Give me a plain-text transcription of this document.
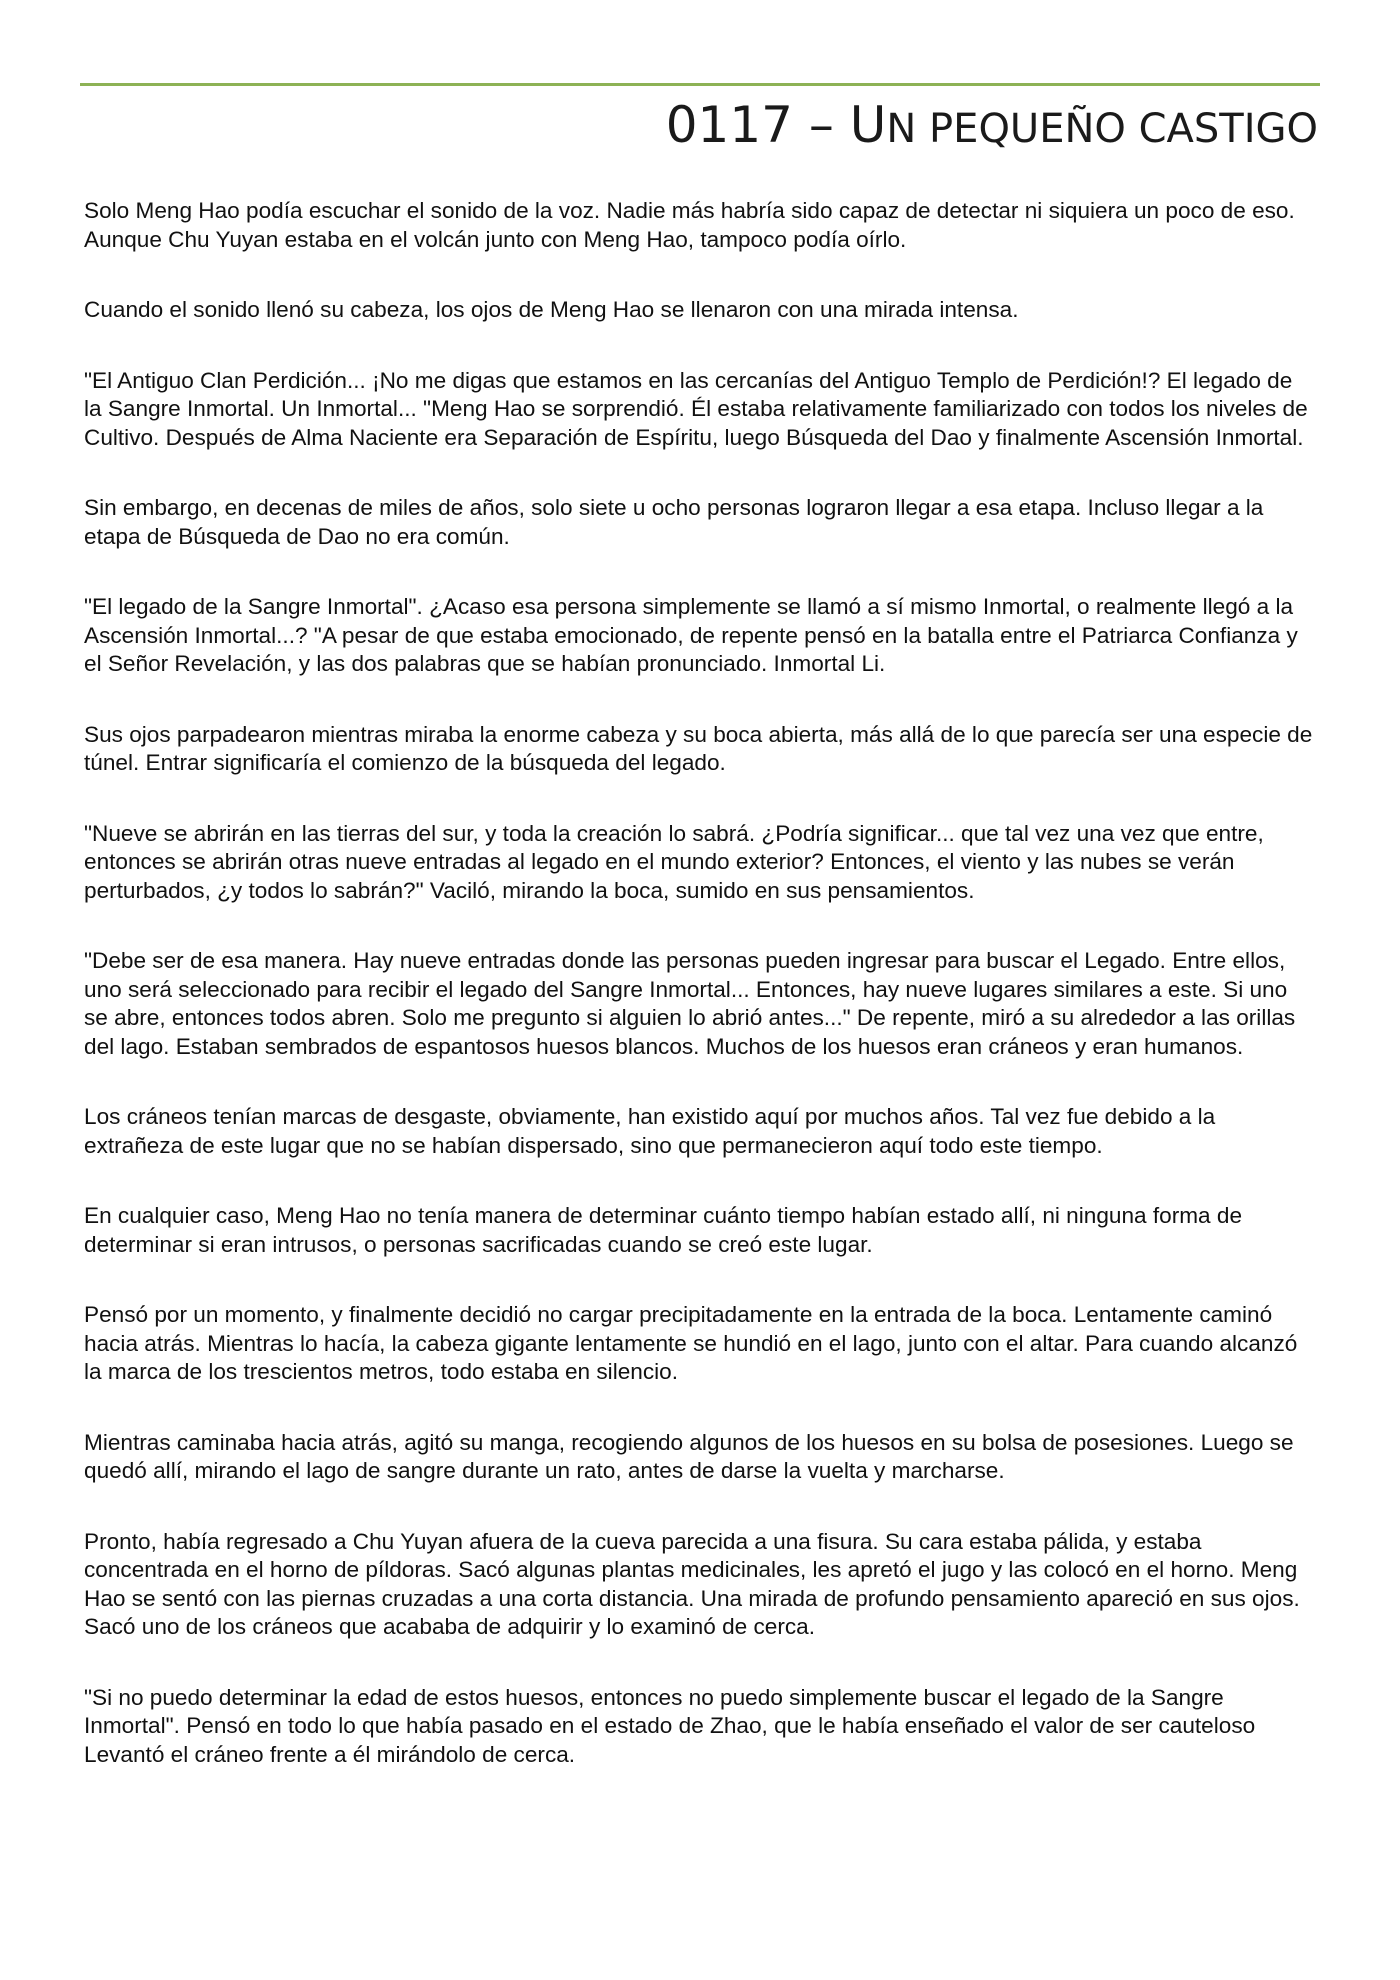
0117 – UN PEQUEÑO CASTIGO

Solo Meng Hao podía escuchar el sonido de la voz. Nadie más habría sido capaz de detectar ni siquiera un poco de eso. Aunque Chu Yuyan estaba en el volcán junto con Meng Hao, tampoco podía oírlo.

Cuando el sonido llenó su cabeza, los ojos de Meng Hao se llenaron con una mirada intensa.

"El Antiguo Clan Perdición... ¡No me digas que estamos en las cercanías del Antiguo Templo de Perdición!? El legado de la Sangre Inmortal. Un Inmortal... "Meng Hao se sorprendió. Él estaba relativamente familiarizado con todos los niveles de Cultivo. Después de Alma Naciente era Separación de Espíritu, luego Búsqueda del Dao y finalmente Ascensión Inmortal.

Sin embargo, en decenas de miles de años, solo siete u ocho personas lograron llegar a esa etapa. Incluso llegar a la etapa de Búsqueda de Dao no era común.

"El legado de la Sangre Inmortal". ¿Acaso esa persona simplemente se llamó a sí mismo Inmortal, o realmente llegó a la Ascensión Inmortal...? "A pesar de que estaba emocionado, de repente pensó en la batalla entre el Patriarca Confianza y el Señor Revelación, y las dos palabras que se habían pronunciado. Inmortal Li.

Sus ojos parpadearon mientras miraba la enorme cabeza y su boca abierta, más allá de lo que parecía ser una especie de túnel. Entrar significaría el comienzo de la búsqueda del legado.

"Nueve se abrirán en las tierras del sur, y toda la creación lo sabrá. ¿Podría significar... que tal vez una vez que entre, entonces se abrirán otras nueve entradas al legado en el mundo exterior? Entonces, el viento y las nubes se verán perturbados, ¿y todos lo sabrán?" Vaciló, mirando la boca, sumido en sus pensamientos.

"Debe ser de esa manera. Hay nueve entradas donde las personas pueden ingresar para buscar el Legado. Entre ellos, uno será seleccionado para recibir el legado del Sangre Inmortal... Entonces, hay nueve lugares similares a este. Si uno se abre, entonces todos abren. Solo me pregunto si alguien lo abrió antes..." De repente, miró a su alrededor a las orillas del lago. Estaban sembrados de espantosos huesos blancos. Muchos de los huesos eran cráneos y eran humanos.

Los cráneos tenían marcas de desgaste, obviamente, han existido aquí por muchos años. Tal vez fue debido a la extrañeza de este lugar que no se habían dispersado, sino que permanecieron aquí todo este tiempo.

En cualquier caso, Meng Hao no tenía manera de determinar cuánto tiempo habían estado allí, ni ninguna forma de determinar si eran intrusos, o personas sacrificadas cuando se creó este lugar.

Pensó por un momento, y finalmente decidió no cargar precipitadamente en la entrada de la boca. Lentamente caminó hacia atrás. Mientras lo hacía, la cabeza gigante lentamente se hundió en el lago, junto con el altar. Para cuando alcanzó la marca de los trescientos metros, todo estaba en silencio.

Mientras caminaba hacia atrás, agitó su manga, recogiendo algunos de los huesos en su bolsa de posesiones. Luego se quedó allí, mirando el lago de sangre durante un rato, antes de darse la vuelta y marcharse.

Pronto, había regresado a Chu Yuyan afuera de la cueva parecida a una fisura. Su cara estaba pálida, y estaba concentrada en el horno de píldoras. Sacó algunas plantas medicinales, les apretó el jugo y las colocó en el horno. Meng Hao se sentó con las piernas cruzadas a una corta distancia. Una mirada de profundo pensamiento apareció en sus ojos. Sacó uno de los cráneos que acababa de adquirir y lo examinó de cerca.

"Si no puedo determinar la edad de estos huesos, entonces no puedo simplemente buscar el legado de la Sangre Inmortal". Pensó en todo lo que había pasado en el estado de Zhao, que le había enseñado el valor de ser cauteloso Levantó el cráneo frente a él mirándolo de cerca.
